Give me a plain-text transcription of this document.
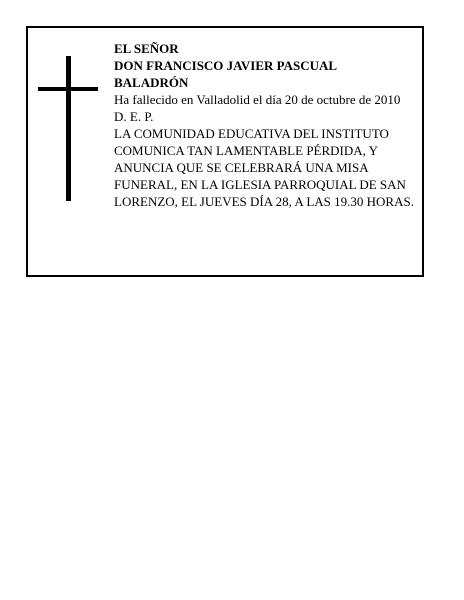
EL SEÑOR
DON FRANCISCO JAVIER PASCUAL
BALADRÓN
Ha fallecido en Valladolid el día 20 de octubre de 2010
D. E. P.
LA COMUNIDAD EDUCATIVA DEL INSTITUTO COMUNICA TAN LAMENTABLE PÉRDIDA, Y ANUNCIA QUE SE CELEBRARÁ UNA MISA FUNERAL, EN LA IGLESIA PARROQUIAL DE SAN LORENZO, EL JUEVES DÍA 28, A LAS 19.30 HORAS.
